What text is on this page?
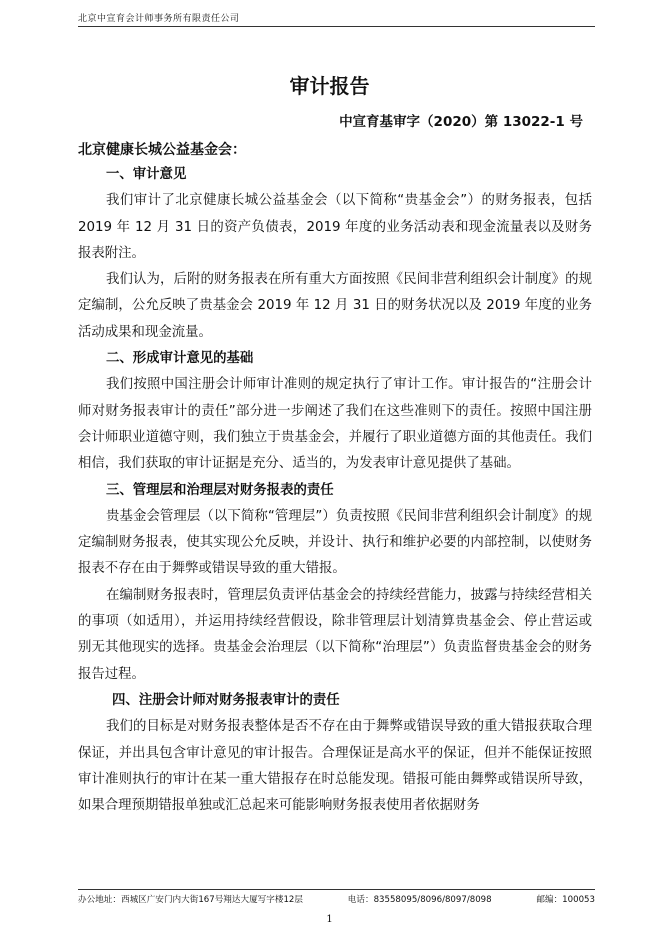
北京中宣育会计师事务所有限责任公司
审计报告
中宣育基审字（2020）第 13022-1 号
北京健康长城公益基金会：
一、审计意见

我们审计了北京健康长城公益基金会（以下简称“贵基金会”）的财务报表，包括 2019 年 12 月 31 日的资产负债表，2019 年度的业务活动表和现金流量表以及财务报表附注。

我们认为，后附的财务报表在所有重大方面按照《民间非营利组织会计制度》的规定编制，公允反映了贵基金会 2019 年 12 月 31 日的财务状况以及 2019 年度的业务活动成果和现金流量。

二、形成审计意见的基础

我们按照中国注册会计师审计准则的规定执行了审计工作。审计报告的“注册会计师对财务报表审计的责任”部分进一步阐述了我们在这些准则下的责任。按照中国注册会计师职业道德守则，我们独立于贵基金会，并履行了职业道德方面的其他责任。我们相信，我们获取的审计证据是充分、适当的，为发表审计意见提供了基础。

三、管理层和治理层对财务报表的责任

贵基金会管理层（以下简称“管理层”）负责按照《民间非营利组织会计制度》的规定编制财务报表，使其实现公允反映，并设计、执行和维护必要的内部控制，以使财务报表不存在由于舞弊或错误导致的重大错报。

在编制财务报表时，管理层负责评估基金会的持续经营能力，披露与持续经营相关的事项（如适用），并运用持续经营假设，除非管理层计划清算贵基金会、停止营运或别无其他现实的选择。贵基金会治理层（以下简称“治理层”）负责监督贵基金会的财务报告过程。

四、注册会计师对财务报表审计的责任

我们的目标是对财务报表整体是否不存在由于舞弊或错误导致的重大错报获取合理保证，并出具包含审计意见的审计报告。合理保证是高水平的保证，但并不能保证按照审计准则执行的审计在某一重大错报存在时总能发现。错报可能由舞弊或错误所导致，如果合理预期错报单独或汇总起来可能影响财务报表使用者依据财务

办公地址：西城区广安门内大街167号翔达大厦写字楼12层	电话：83558095/8096/8097/8098	邮编：100053
1
